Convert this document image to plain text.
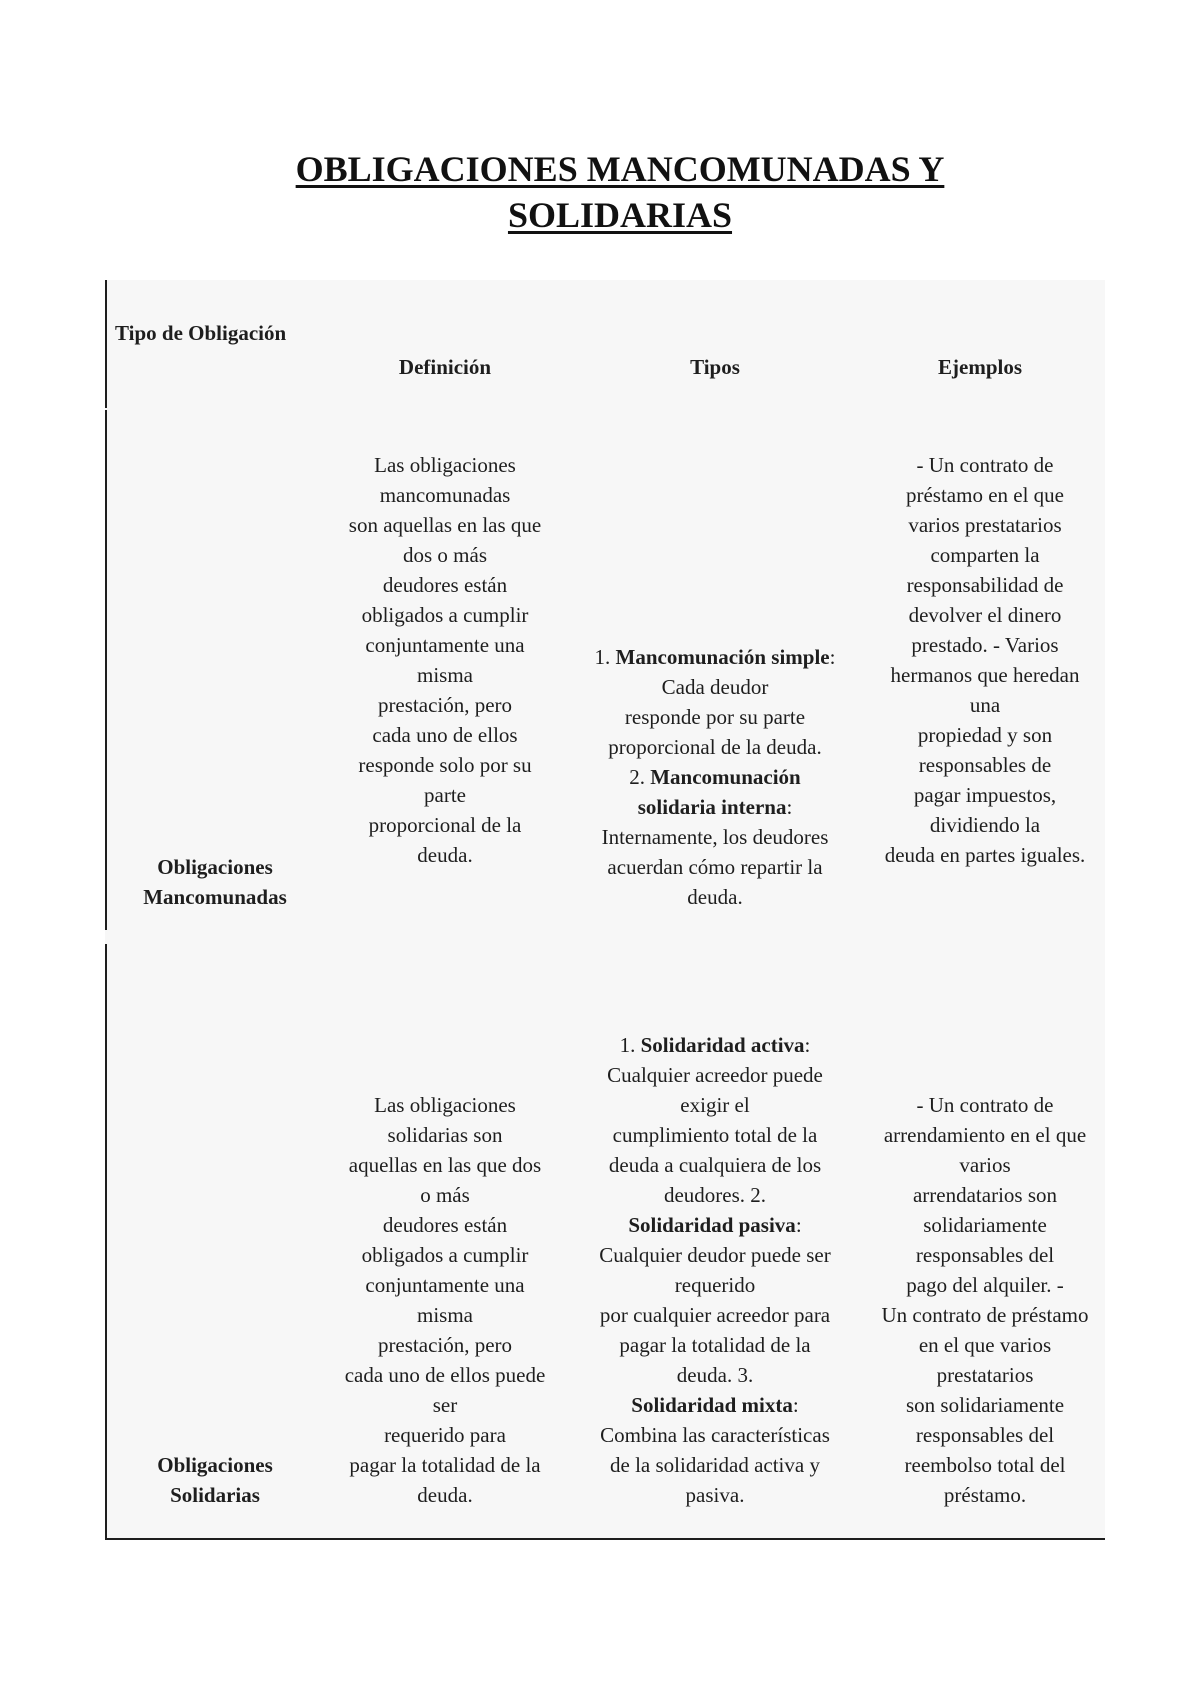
OBLIGACIONES MANCOMUNADAS Y
SOLIDARIAS
Tipo de Obligación
Definición	Tipos	Ejemplos
Obligaciones
Mancomunadas
Las obligaciones
mancomunadas
son aquellas en las que
dos o más
deudores están
obligados a cumplir
conjuntamente una
misma
prestación, pero
cada uno de ellos
responde solo por su
parte
proporcional de la
deuda.
1. Mancomunación simple:
Cada deudor
responde por su parte
proporcional de la deuda.
2. Mancomunación
solidaria interna:
Internamente, los deudores
acuerdan cómo repartir la
deuda.
- Un contrato de
préstamo en el que
varios prestatarios
comparten la
responsabilidad de
devolver el dinero
prestado. - Varios
hermanos que heredan
una
propiedad y son
responsables de
pagar impuestos,
dividiendo la
deuda en partes iguales.
Obligaciones
Solidarias
Las obligaciones
solidarias son
aquellas en las que dos
o más
deudores están
obligados a cumplir
conjuntamente una
misma
prestación, pero
cada uno de ellos puede
ser
requerido para
pagar la totalidad de la
deuda.
1. Solidaridad activa:
Cualquier acreedor puede
exigir el
cumplimiento total de la
deuda a cualquiera de los
deudores. 2.
Solidaridad pasiva:
Cualquier deudor puede ser
requerido
por cualquier acreedor para
pagar la totalidad de la
deuda. 3.
Solidaridad mixta:
Combina las características
de la solidaridad activa y
pasiva.
- Un contrato de
arrendamiento en el que
varios
arrendatarios son
solidariamente
responsables del
pago del alquiler. -
Un contrato de préstamo
en el que varios
prestatarios
son solidariamente
responsables del
reembolso total del
préstamo.
